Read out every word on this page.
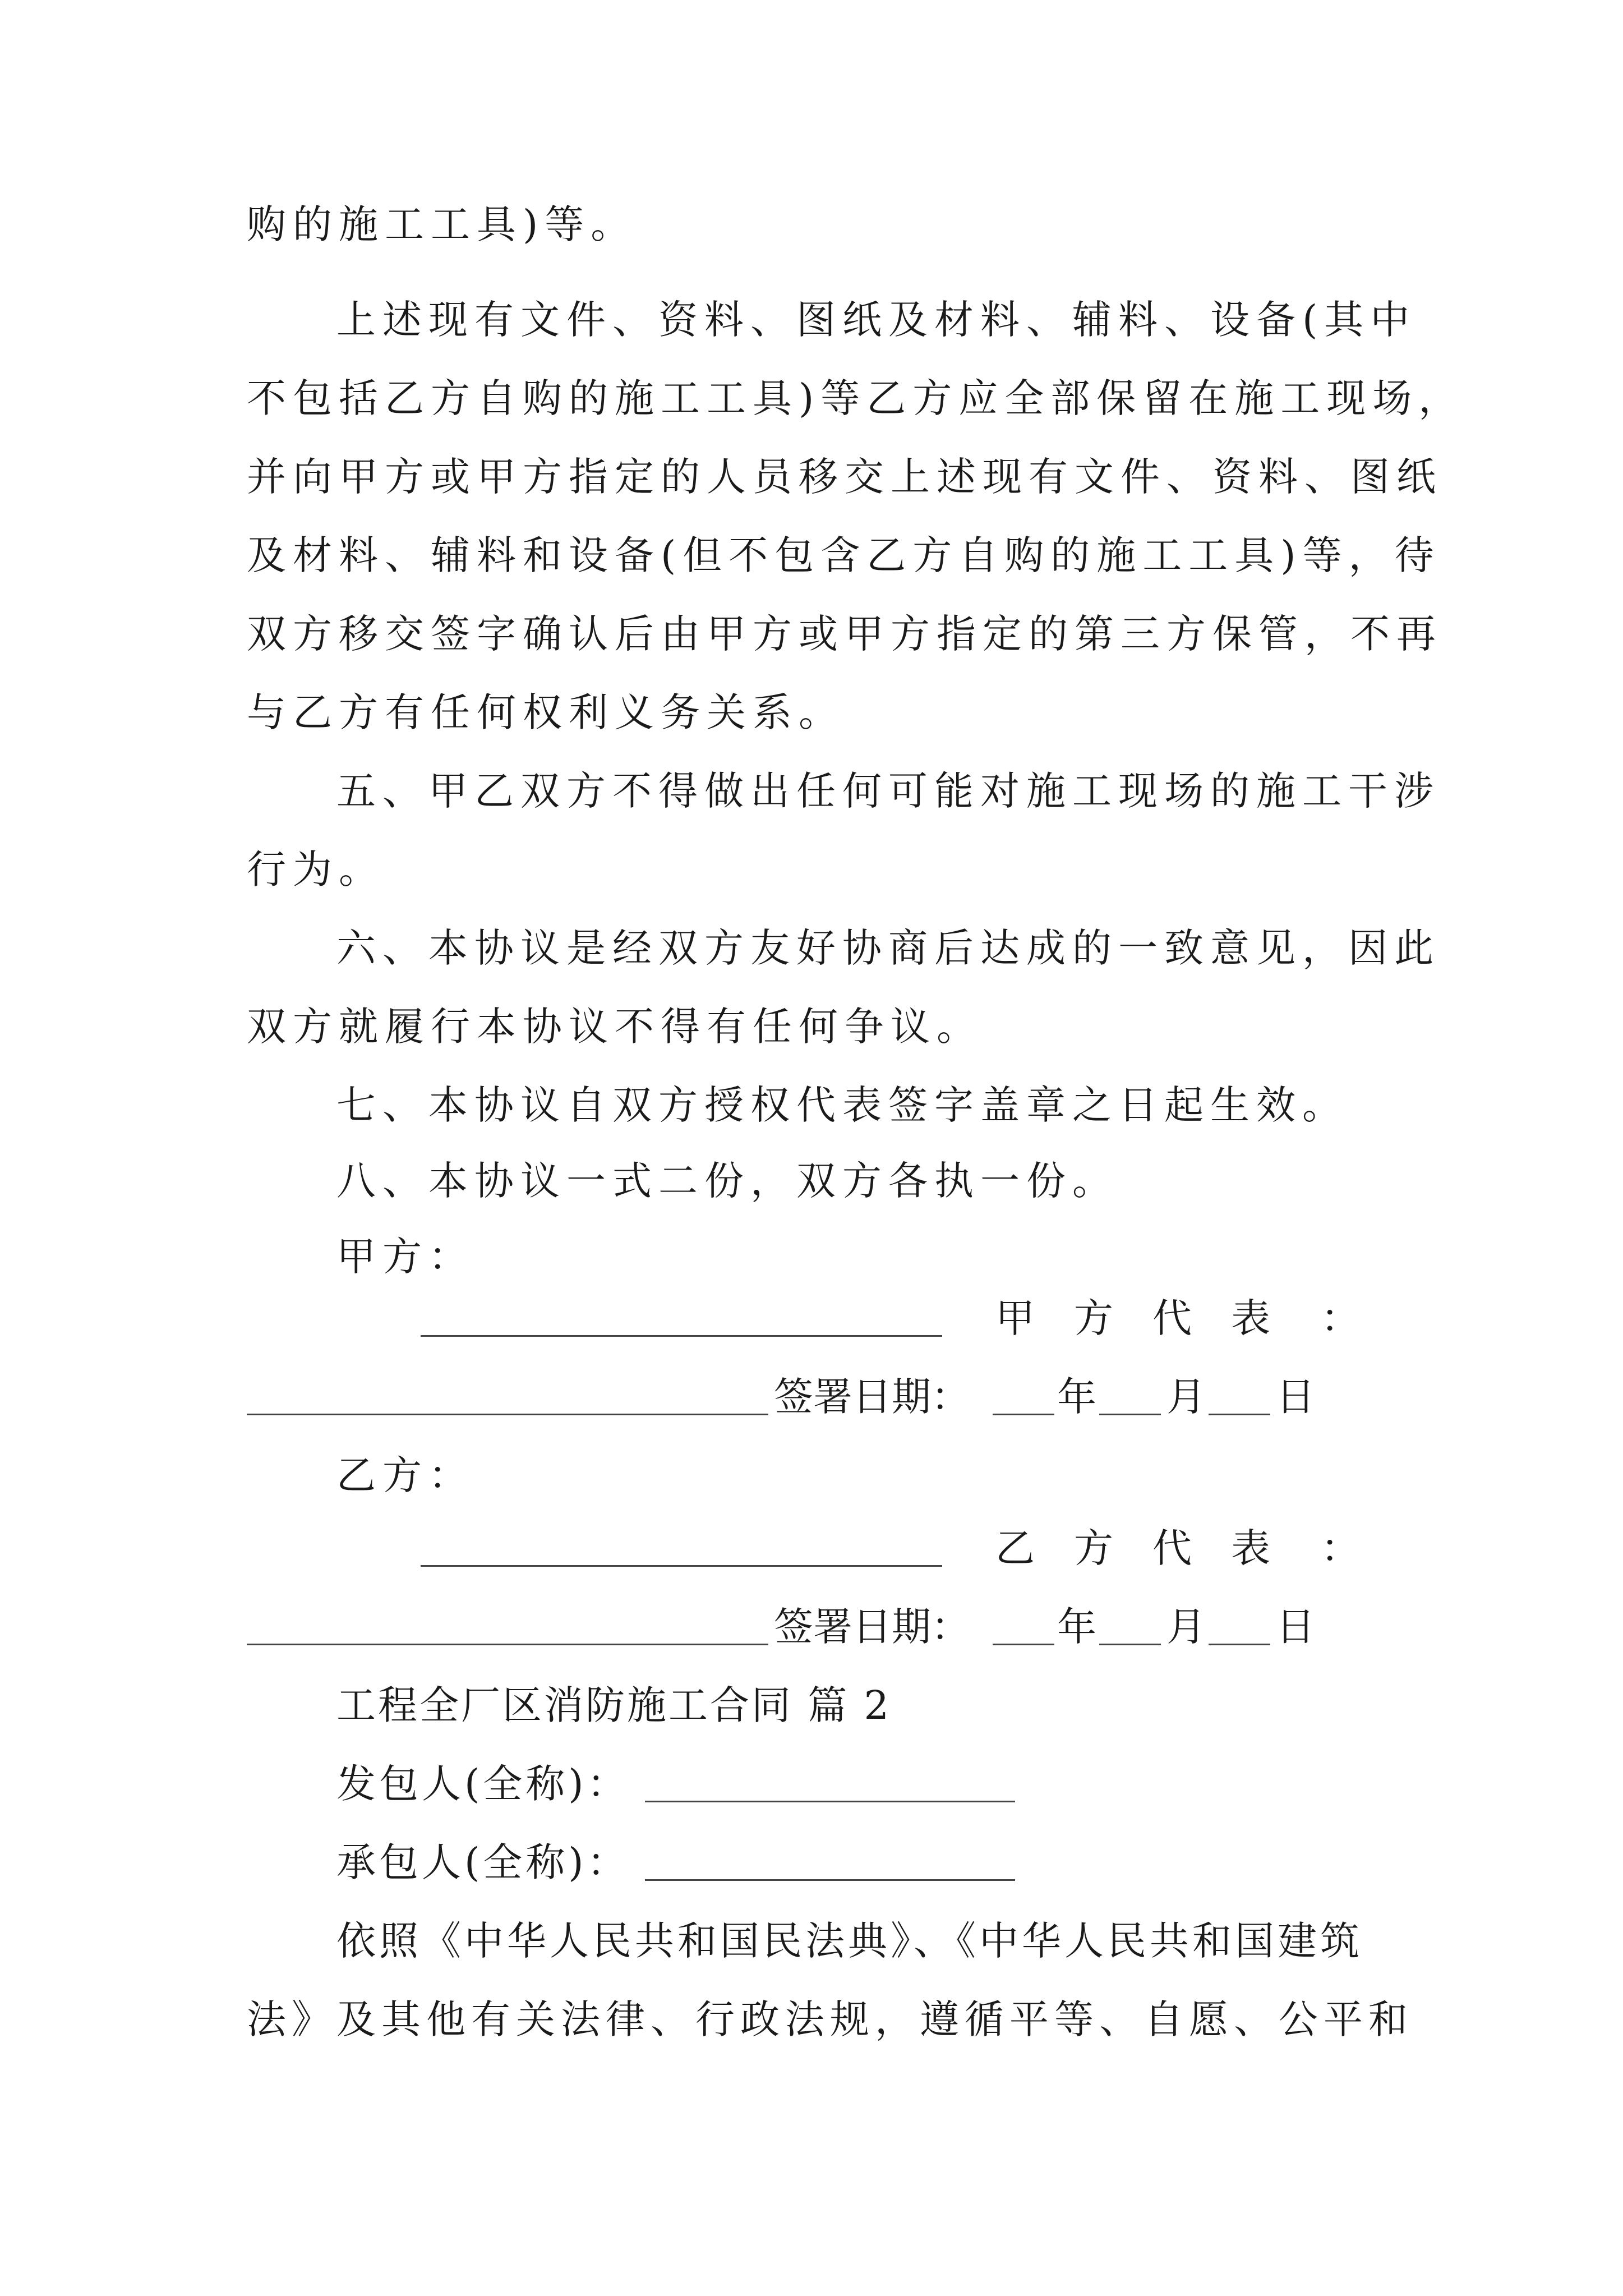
购的施工工具)等。
上述现有文件、资料、图纸及材料、辅料、设备(其中
不包括乙方自购的施工工具)等乙方应全部保留在施工现场，
并向甲方或甲方指定的人员移交上述现有文件、资料、图纸
及材料、辅料和设备(但不包含乙方自购的施工工具)等，待
双方移交签字确认后由甲方或甲方指定的第三方保管，不再
与乙方有任何权利义务关系。
五、甲乙双方不得做出任何可能对施工现场的施工干涉
行为。
六、本协议是经双方友好协商后达成的一致意见，因此
双方就履行本协议不得有任何争议。
七、本协议自双方授权代表签字盖章之日起生效。
八、本协议一式二份，双方各执一份。
甲方：
甲 方 代 表 ：
签署日期： 年 月 日
乙方：
乙 方 代 表 ：
签署日期： 年 月 日
工程全厂区消防施工合同 篇 2
发包人(全称)：
承包人(全称)：
依照《中华人民共和国民法典》、《中华人民共和国建筑
法》及其他有关法律、行政法规，遵循平等、自愿、公平和
